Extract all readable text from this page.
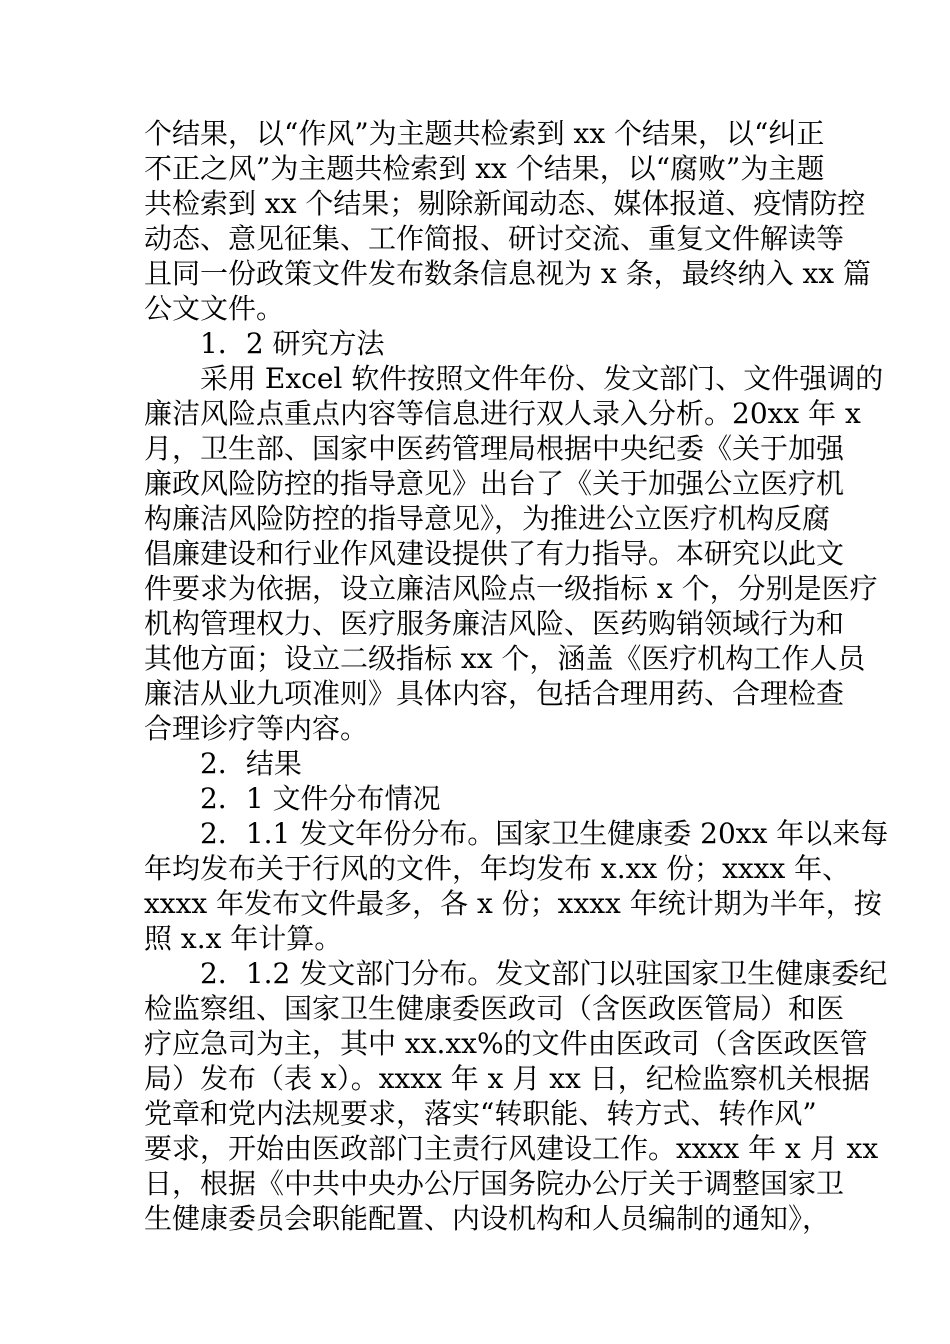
个结果，以“作风”为主题共检索到 xx 个结果，以“纠正
不正之风”为主题共检索到 xx 个结果，以“腐败”为主题
共检索到 xx 个结果；剔除新闻动态、媒体报道、疫情防控
动态、意见征集、工作简报、研讨交流、重复文件解读等
且同一份政策文件发布数条信息视为 x 条，最终纳入 xx 篇
公文文件。
1．2 研究方法
采用 Excel 软件按照文件年份、发文部门、文件强调的
廉洁风险点重点内容等信息进行双人录入分析。20xx 年 x
月，卫生部、国家中医药管理局根据中央纪委《关于加强
廉政风险防控的指导意见》出台了《关于加强公立医疗机
构廉洁风险防控的指导意见》，为推进公立医疗机构反腐
倡廉建设和行业作风建设提供了有力指导。本研究以此文
件要求为依据，设立廉洁风险点一级指标 x 个，分别是医疗
机构管理权力、医疗服务廉洁风险、医药购销领域行为和
其他方面；设立二级指标 xx 个，涵盖《医疗机构工作人员
廉洁从业九项准则》具体内容，包括合理用药、合理检查
合理诊疗等内容。
2．结果
2．1 文件分布情况
2．1.1 发文年份分布。国家卫生健康委 20xx 年以来每
年均发布关于行风的文件，年均发布 x.xx 份；xxxx 年、
xxxx 年发布文件最多，各 x 份；xxxx 年统计期为半年，按
照 x.x 年计算。
2．1.2 发文部门分布。发文部门以驻国家卫生健康委纪
检监察组、国家卫生健康委医政司（含医政医管局）和医
疗应急司为主，其中 xx.xx%的文件由医政司（含医政医管
局）发布（表 x）。xxxx 年 x 月 xx 日，纪检监察机关根据
党章和党内法规要求，落实“转职能、转方式、转作风”
要求，开始由医政部门主责行风建设工作。xxxx 年 x 月 xx
日，根据《中共中央办公厅国务院办公厅关于调整国家卫
生健康委员会职能配置、内设机构和人员编制的通知》，
